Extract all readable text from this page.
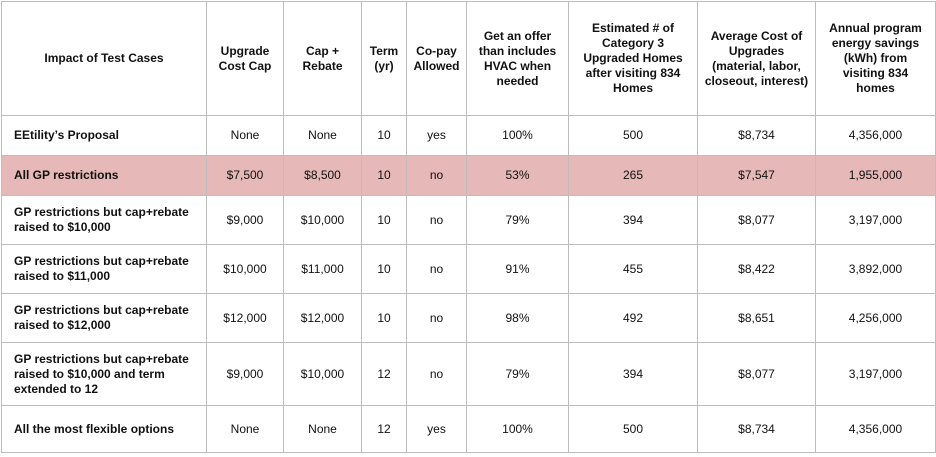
Impact of Test Cases	Upgrade Cost Cap	Cap + Rebate	Term (yr)	Co-pay Allowed	Get an offer than includes HVAC when needed	Estimated # of Category 3 Upgraded Homes after visiting 834 Homes	Average Cost of Upgrades (material, labor, closeout, interest)	Annual program energy savings (kWh) from visiting 834 homes
EEtility’s Proposal	None	None	10	yes	100%	500	$8,734	4,356,000
All GP restrictions	$7,500	$8,500	10	no	53%	265	$7,547	1,955,000
GP restrictions but cap+rebate raised to $10,000	$9,000	$10,000	10	no	79%	394	$8,077	3,197,000
GP restrictions but cap+rebate raised to $11,000	$10,000	$11,000	10	no	91%	455	$8,422	3,892,000
GP restrictions but cap+rebate raised to $12,000	$12,000	$12,000	10	no	98%	492	$8,651	4,256,000
GP restrictions but cap+rebate raised to $10,000 and term extended to 12	$9,000	$10,000	12	no	79%	394	$8,077	3,197,000
All the most flexible options	None	None	12	yes	100%	500	$8,734	4,356,000
